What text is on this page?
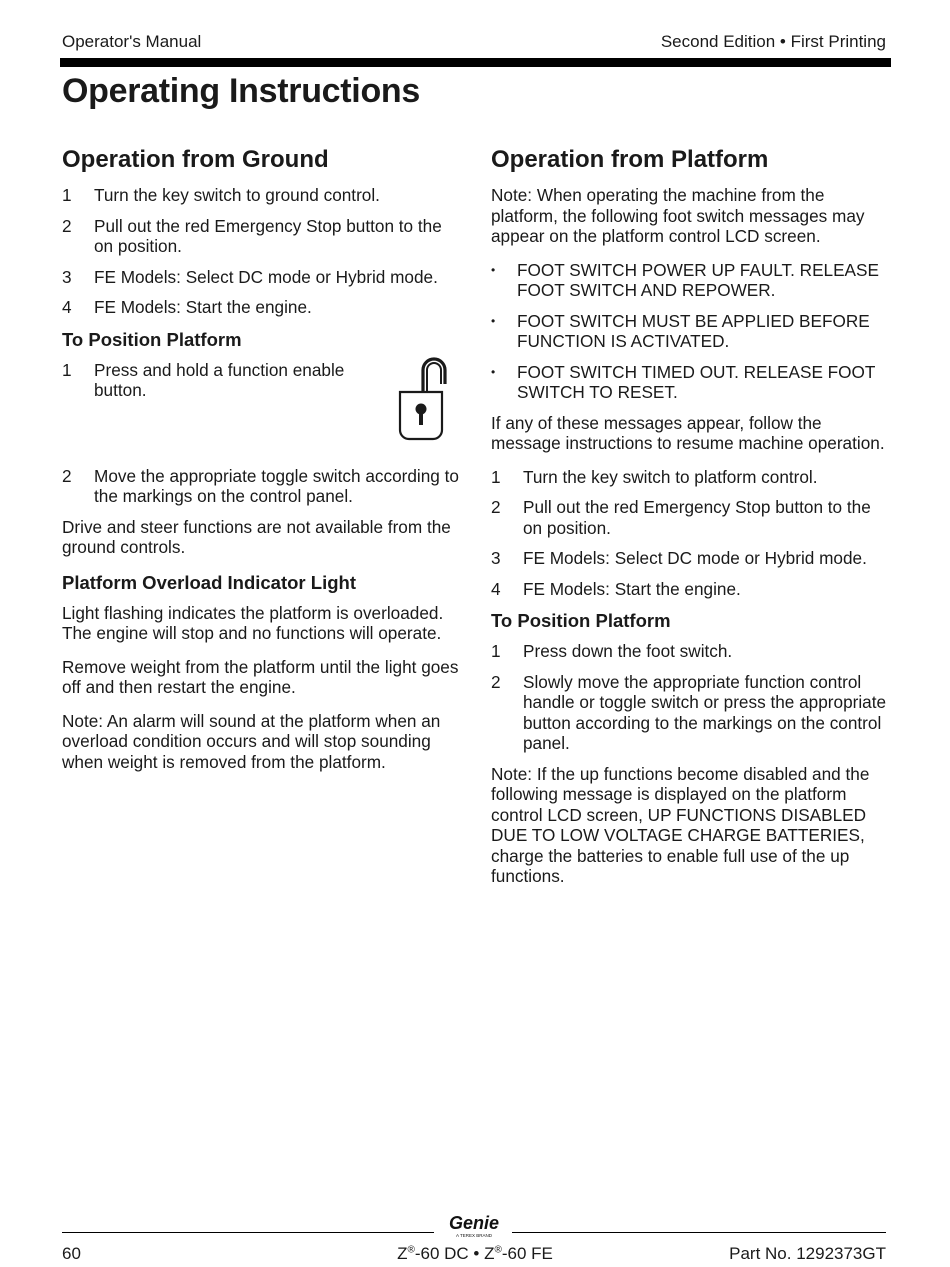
Operator's Manual	Second Edition • First Printing
Operating Instructions
Operation from Ground
1 Turn the key switch to ground control.
2 Pull out the red Emergency Stop button to the on position.
3 FE Models: Select DC mode or Hybrid mode.
4 FE Models: Start the engine.
To Position Platform
1 Press and hold a function enable button.
2 Move the appropriate toggle switch according to the markings on the control panel.

Drive and steer functions are not available from the ground controls.

Platform Overload Indicator Light

Light flashing indicates the platform is overloaded. The engine will stop and no functions will operate.

Remove weight from the platform until the light goes off and then restart the engine.

Note: An alarm will sound at the platform when an overload condition occurs and will stop sounding when weight is removed from the platform.

Operation from Platform

Note: When operating the machine from the platform, the following foot switch messages may appear on the platform control LCD screen.

• FOOT SWITCH POWER UP FAULT. RELEASE FOOT SWITCH AND REPOWER.
• FOOT SWITCH MUST BE APPLIED BEFORE FUNCTION IS ACTIVATED.
• FOOT SWITCH TIMED OUT. RELEASE FOOT SWITCH TO RESET.

If any of these messages appear, follow the message instructions to resume machine operation.

1 Turn the key switch to platform control.
2 Pull out the red Emergency Stop button to the on position.
3 FE Models: Select DC mode or Hybrid mode.
4 FE Models: Start the engine.
To Position Platform
1 Press down the foot switch.
2 Slowly move the appropriate function control handle or toggle switch or press the appropriate button according to the markings on the control panel.

Note: If the up functions become disabled and the following message is displayed on the platform control LCD screen, UP FUNCTIONS DISABLED DUE TO LOW VOLTAGE CHARGE BATTERIES, charge the batteries to enable full use of the up functions.

Genie
A TEREX BRAND
60	Z®-60 DC • Z®-60 FE	Part No. 1292373GT
